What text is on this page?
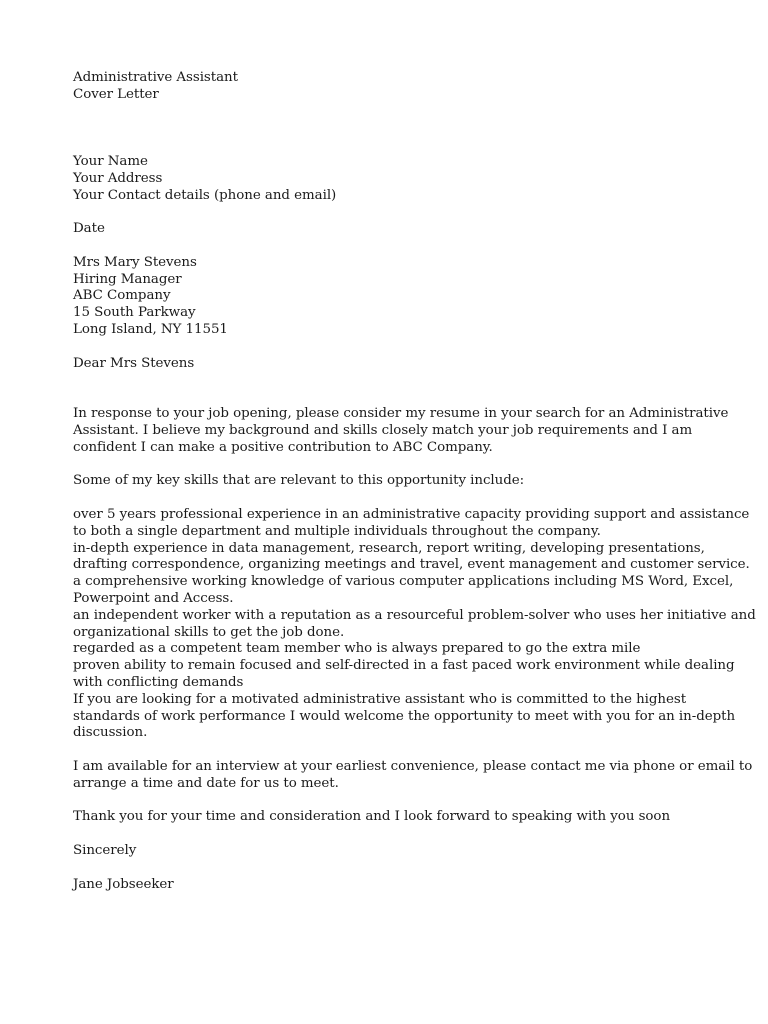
Administrative Assistant

Cover Letter

Your Name

Your Address

Your Contact details (phone and email)

Date

Mrs Mary Stevens

Hiring Manager

ABC Company

15 South Parkway

Long Island, NY 11551

Dear Mrs Stevens

In response to your job opening, please consider my resume in your search for an Administrative

Assistant. I believe my background and skills closely match your job requirements and I am

confident I can make a positive contribution to ABC Company.

Some of my key skills that are relevant to this opportunity include:

over 5 years professional experience in an administrative capacity providing support and assistance

to both a single department and multiple individuals throughout the company.

in-depth experience in data management, research, report writing, developing presentations,

drafting correspondence, organizing meetings and travel, event management and customer service.

a comprehensive working knowledge of various computer applications including MS Word, Excel,

Powerpoint and Access.

an independent worker with a reputation as a resourceful problem-solver who uses her initiative and

organizational skills to get the job done.

regarded as a competent team member who is always prepared to go the extra mile

proven ability to remain focused and self-directed in a fast paced work environment while dealing

with conflicting demands

If you are looking for a motivated administrative assistant who is committed to the highest

standards of work performance I would welcome the opportunity to meet with you for an in-depth

discussion.

I am available for an interview at your earliest convenience, please contact me via phone or email to

arrange a time and date for us to meet.

Thank you for your time and consideration and I look forward to speaking with you soon

Sincerely

Jane Jobseeker
